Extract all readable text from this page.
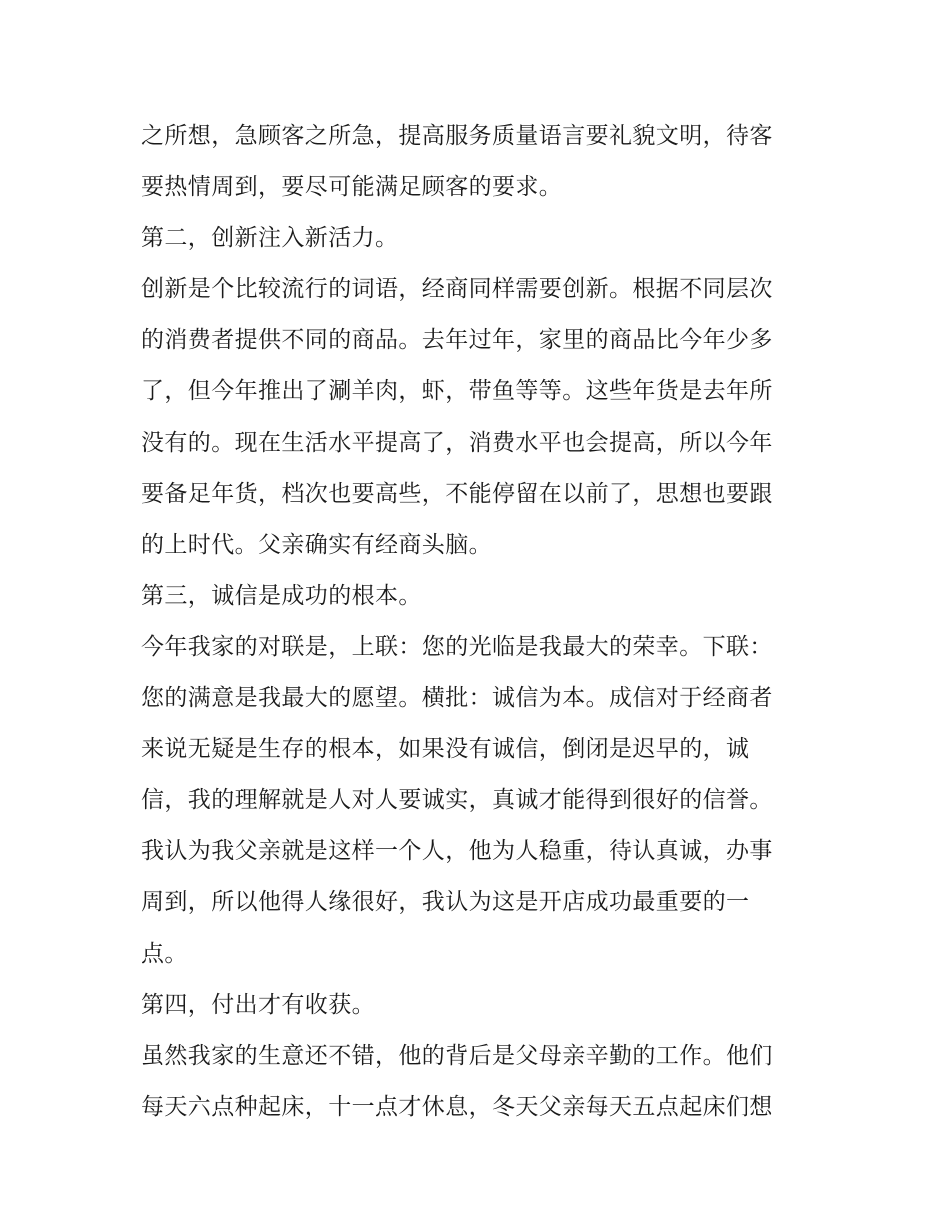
之所想，急顾客之所急，提高服务质量语言要礼貌文明，待客
要热情周到，要尽可能满足顾客的要求。
第二，创新注入新活力。
创新是个比较流行的词语，经商同样需要创新。根据不同层次
的消费者提供不同的商品。去年过年，家里的商品比今年少多
了，但今年推出了涮羊肉，虾，带鱼等等。这些年货是去年所
没有的。现在生活水平提高了，消费水平也会提高，所以今年
要备足年货，档次也要高些，不能停留在以前了，思想也要跟
的上时代。父亲确实有经商头脑。
第三，诚信是成功的根本。
今年我家的对联是，上联：您的光临是我最大的荣幸。下联：
您的满意是我最大的愿望。横批：诚信为本。成信对于经商者
来说无疑是生存的根本，如果没有诚信，倒闭是迟早的，诚
信，我的理解就是人对人要诚实，真诚才能得到很好的信誉。
我认为我父亲就是这样一个人，他为人稳重，待认真诚，办事
周到，所以他得人缘很好，我认为这是开店成功最重要的一
点。
第四，付出才有收获。
虽然我家的生意还不错，他的背后是父母亲辛勤的工作。他们
每天六点种起床，十一点才休息，冬天父亲每天五点起床们想
